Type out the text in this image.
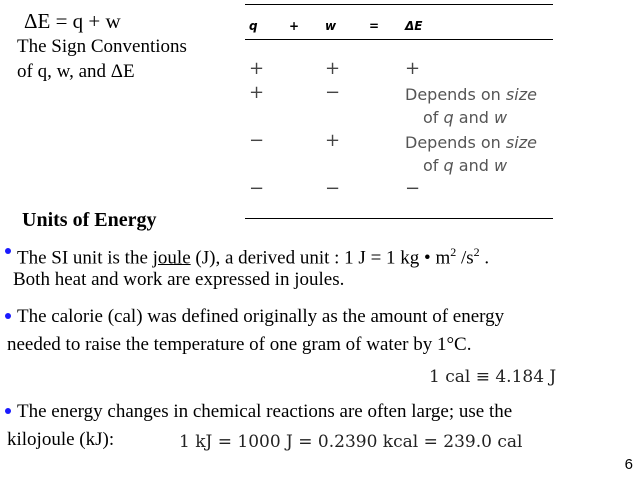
ΔE = q + w
The Sign Conventions
of q, w, and ΔE
q	+ w	= ΔE
+	+	+
+	−	Depends on size
of q and w
−	+	Depends on size
of q and w
−	−	−
Units of Energy
The SI unit is the joule (J), a derived unit : 1 J = 1 kg • $m^2$ $/s^2$ .
Both heat and work are expressed in joules.
The calorie (cal) was defined originally as the amount of energy
needed to raise the temperature of one gram of water by 1°C.
1 cal ≡ 4.184 J
The energy changes in chemical reactions are often large; use the
kilojoule (kJ):	1 kJ = 1000 J = 0.2390 kcal = 239.0 cal
6
